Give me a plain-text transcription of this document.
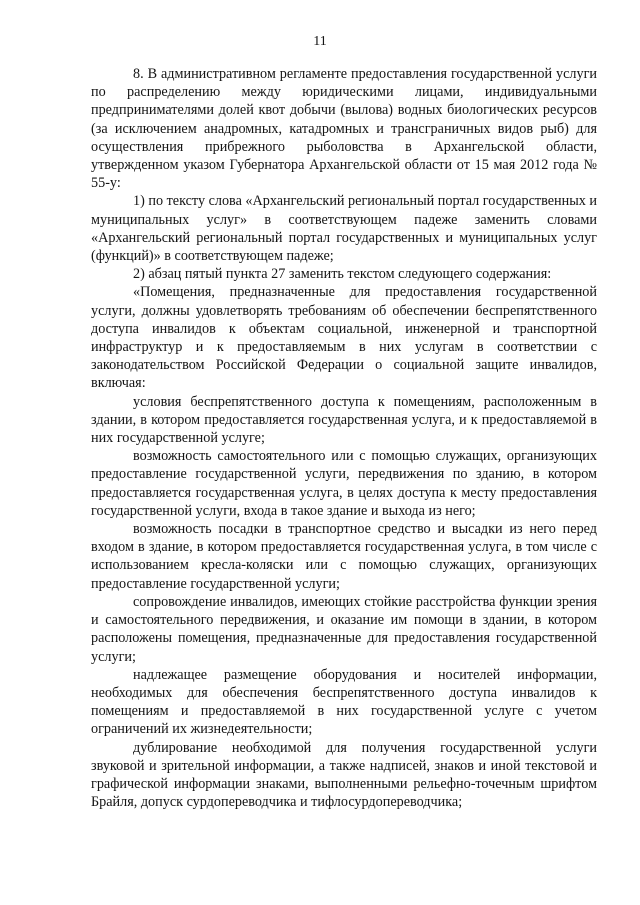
11

8. В административном регламенте предоставления государственной услуги по распределению между юридическими лицами, индивидуальными предпринимателями долей квот добычи (вылова) водных биологических ресурсов (за исключением анадромных, катадромных и трансграничных видов рыб) для осуществления прибрежного рыболовства в Архангельской области, утвержденном указом Губернатора Архангельской области от 15 мая 2012 года № 55-у:

1) по тексту слова «Архангельский региональный портал государственных и муниципальных услуг» в соответствующем падеже заменить словами «Архангельский региональный портал государственных и муниципальных услуг (функций)» в соответствующем падеже;

2) абзац пятый пункта 27 заменить текстом следующего содержания:

«Помещения, предназначенные для предоставления государственной услуги, должны удовлетворять требованиям об обеспечении беспрепятственного доступа инвалидов к объектам социальной, инженерной и транспортной инфраструктур и к предоставляемым в них услугам в соответствии с законодательством Российской Федерации о социальной защите инвалидов, включая:

условия беспрепятственного доступа к помещениям, расположенным в здании, в котором предоставляется государственная услуга, и к предоставляемой в них государственной услуге;

возможность самостоятельного или с помощью служащих, организующих предоставление государственной услуги, передвижения по зданию, в котором предоставляется государственная услуга, в целях доступа к месту предоставления государственной услуги, входа в такое здание и выхода из него;

возможность посадки в транспортное средство и высадки из него перед входом в здание, в котором предоставляется государственная услуга, в том числе с использованием кресла-коляски или с помощью служащих, организующих предоставление государственной услуги;

сопровождение инвалидов, имеющих стойкие расстройства функции зрения и самостоятельного передвижения, и оказание им помощи в здании, в котором расположены помещения, предназначенные для предоставления государственной услуги;

надлежащее размещение оборудования и носителей информации, необходимых для обеспечения беспрепятственного доступа инвалидов к помещениям и предоставляемой в них государственной услуге с учетом ограничений их жизнедеятельности;

дублирование необходимой для получения государственной услуги звуковой и зрительной информации, а также надписей, знаков и иной текстовой и графической информации знаками, выполненными рельефно-точечным шрифтом Брайля, допуск сурдопереводчика и тифлосурдопереводчика;
